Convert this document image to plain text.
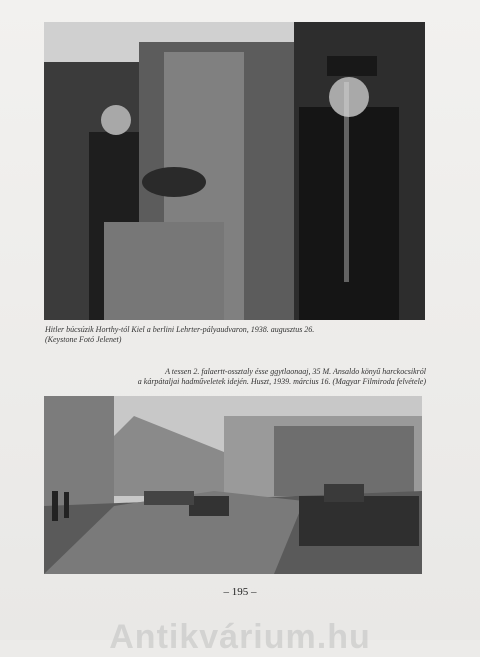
Hitler búcsúzik Horthy-tól Kiel a berlini Lehrter-pályaudvaron, 1938. augusztus 26.
(Keystone Fotó Jelenet)
A tessen 2. falaertt-ossztaly ésse ggytlaonaaj, 35 M. Ansaldo könyű harckocsikról
a kárpátaljai hadműveletek idején. Huszt, 1939. március 16. (Magyar Filmiroda felvétele)
– 195 –
Antikvárium.hu
